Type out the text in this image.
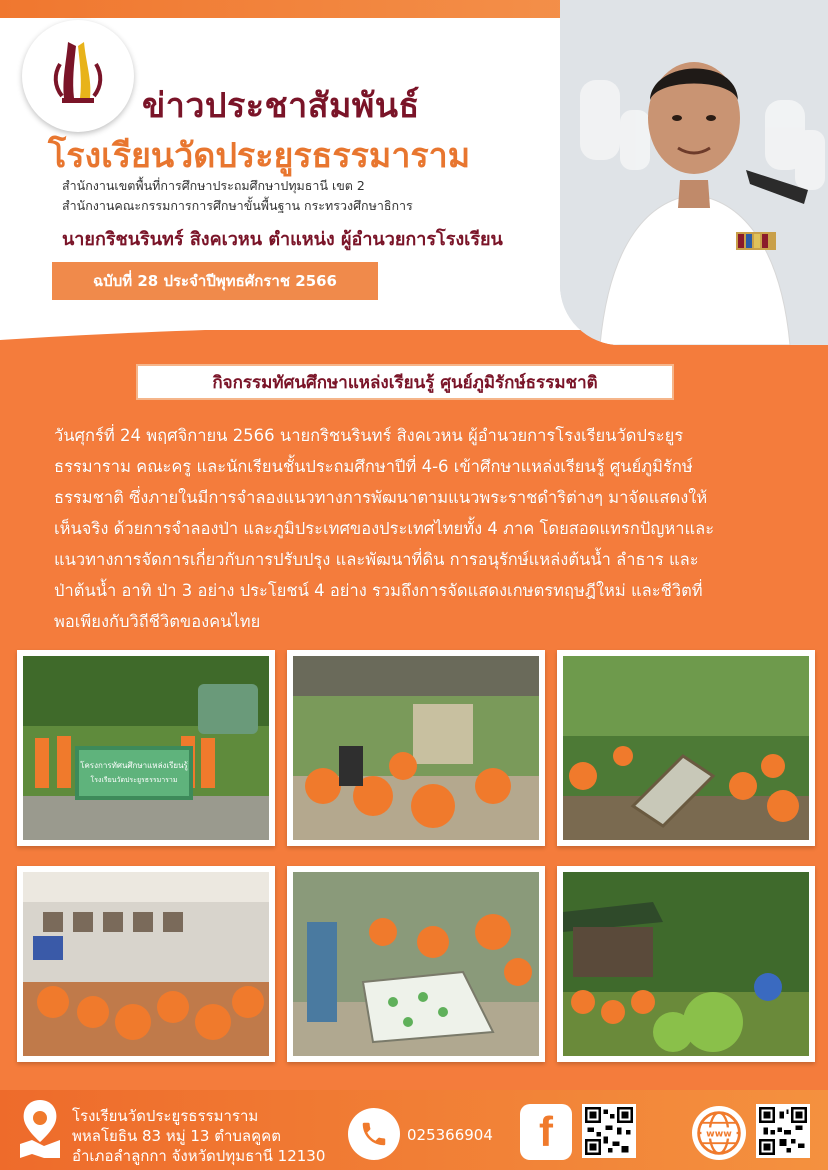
ข่าวประชาสัมพันธ์
โรงเรียนวัดประยูรธรรมาราม
สำนักงานเขตพื้นที่การศึกษาประถมศึกษาปทุมธานี เขต 2
สำนักงานคณะกรรมการการศึกษาขั้นพื้นฐาน กระทรวงศึกษาธิการ
นายกริชนรินทร์ สิงคเวหน ตำแหน่ง ผู้อำนวยการโรงเรียน
ฉบับที่ 28 ประจำปีพุทธศักราช 2566
กิจกรรมทัศนศึกษาแหล่งเรียนรู้ ศูนย์ภูมิรักษ์ธรรมชาติ

วันศุกร์ที่ 24 พฤศจิกายน 2566 นายกริชนรินทร์ สิงคเวหน ผู้อำนวยการโรงเรียนวัดประยูร

ธรรมาราม คณะครู และนักเรียนชั้นประถมศึกษาปีที่ 4-6 เข้าศึกษาแหล่งเรียนรู้ ศูนย์ภูมิรักษ์

ธรรมชาติ ซึ่งภายในมีการจำลองแนวทางการพัฒนาตามแนวพระราชดำริต่างๆ มาจัดแสดงให้

เห็นจริง ด้วยการจำลองป่า และภูมิประเทศของประเทศไทยทั้ง 4 ภาค โดยสอดแทรกปัญหาและ

แนวทางการจัดการเกี่ยวกับการปรับปรุง และพัฒนาที่ดิน การอนุรักษ์แหล่งต้นน้ำ ลำธาร และ

ป่าต้นน้ำ อาทิ ป่า 3 อย่าง ประโยชน์ 4 อย่าง รวมถึงการจัดแสดงเกษตรทฤษฎีใหม่ และชีวิตที่

พอเพียงกับวิถีชีวิตของคนไทย

โครงการทัศนศึกษาแหล่งเรียนรู้
โรงเรียนวัดประยูรธรรมาราม
โรงเรียนวัดประยูรธรรมาราม
พหลโยธิน 83 หมู่ 13 ตำบลคูคต
อำเภอลำลูกกา จังหวัดปทุมธานี 12130
025366904 f	www
